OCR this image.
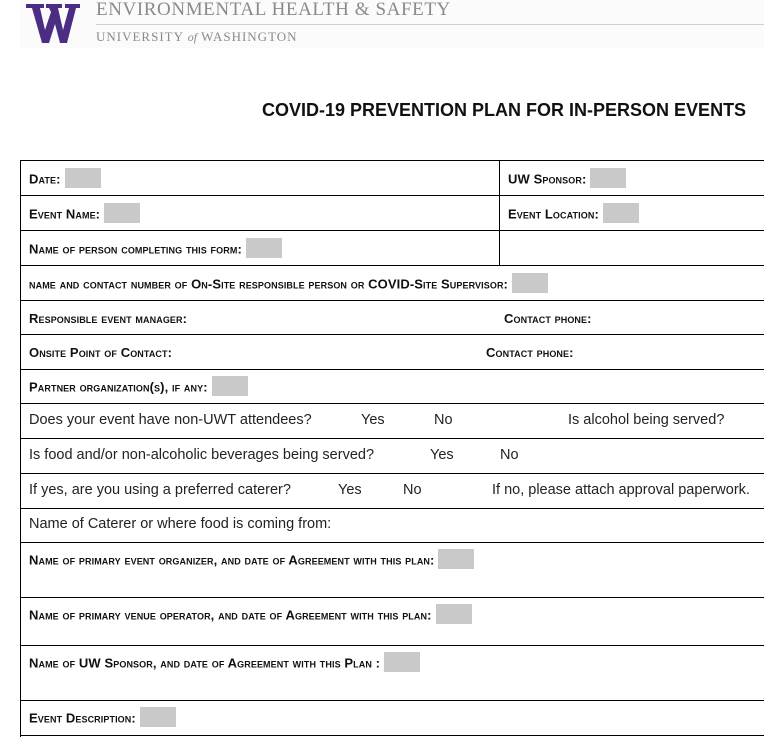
ENVIRONMENTAL HEALTH & SAFETY
UNIVERSITY of WASHINGTON
COVID-19 PREVENTION PLAN FOR IN-PERSON EVENTS
Date:	UW Sponsor:
Event Name:	Event Location:
Name of person completing this form:
name and contact number of On-Site responsible person or COVID-Site Supervisor:
Responsible event manager:	Contact phone:
Onsite Point of Contact:	Contact phone:
Partner organization(s), if any:
Does your event have non-UWT attendees?	Yes	No	Is alcohol being served?
Is food and/or non-alcoholic beverages being served?	Yes	No
If yes, are you using a preferred caterer?	Yes	No	If no, please attach approval paperwork.
Name of Caterer or where food is coming from:
Name of primary event organizer, and date of Agreement with this plan:
Name of primary venue operator, and date of Agreement with this plan:
Name of UW Sponsor, and date of Agreement with this Plan :
Event Description:
